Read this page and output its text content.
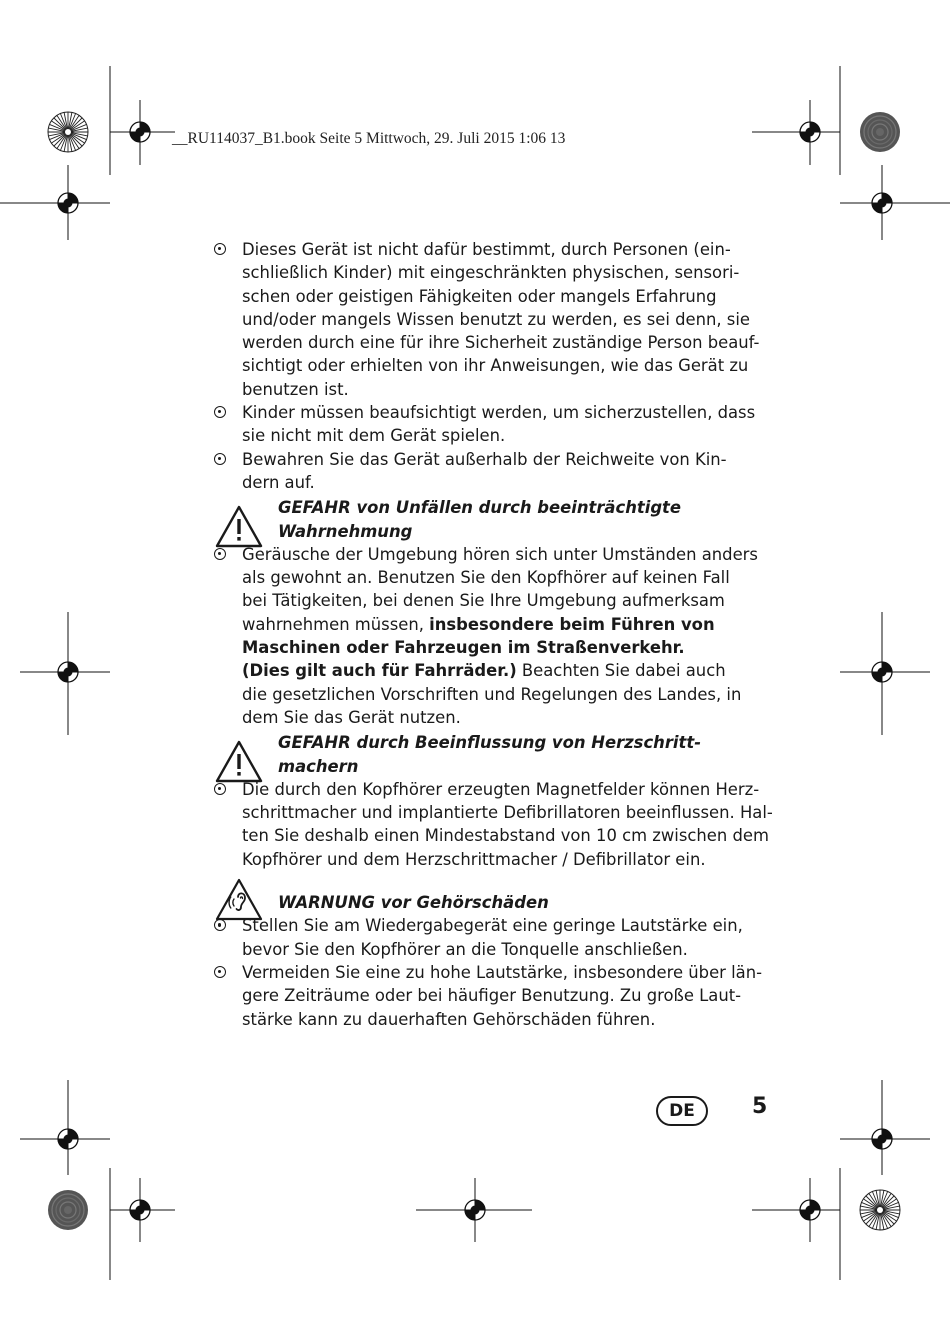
__RU114037_B1.book Seite 5 Mittwoch, 29. Juli 2015 1:06 13
Dieses Gerät ist nicht dafür bestimmt, durch Personen (ein-
schließlich Kinder) mit eingeschränkten physischen, sensori-
schen oder geistigen Fähigkeiten oder mangels Erfahrung
und/oder mangels Wissen benutzt zu werden, es sei denn, sie
werden durch eine für ihre Sicherheit zuständige Person beauf-
sichtigt oder erhielten von ihr Anweisungen, wie das Gerät zu
benutzen ist.
Kinder müssen beaufsichtigt werden, um sicherzustellen, dass
sie nicht mit dem Gerät spielen.
Bewahren Sie das Gerät außerhalb der Reichweite von Kin-
dern auf.
GEFAHR von Unfällen durch beeinträchtigte
Wahrnehmung
Geräusche der Umgebung hören sich unter Umständen anders
als gewohnt an. Benutzen Sie den Kopfhörer auf keinen Fall
bei Tätigkeiten, bei denen Sie Ihre Umgebung aufmerksam
wahrnehmen müssen, insbesondere beim Führen von
Maschinen oder Fahrzeugen im Straßenverkehr.
(Dies gilt auch für Fahrräder.) Beachten Sie dabei auch
die gesetzlichen Vorschriften und Regelungen des Landes, in
dem Sie das Gerät nutzen.
GEFAHR durch Beeinflussung von Herzschritt-
machern
Die durch den Kopfhörer erzeugten Magnetfelder können Herz-
schrittmacher und implantierte Defibrillatoren beeinflussen. Hal-
ten Sie deshalb einen Mindestabstand von 10 cm zwischen dem
Kopfhörer und dem Herzschrittmacher / Defibrillator ein.
WARNUNG vor Gehörschäden
Stellen Sie am Wiedergabegerät eine geringe Lautstärke ein,
bevor Sie den Kopfhörer an die Tonquelle anschließen.
Vermeiden Sie eine zu hohe Lautstärke, insbesondere über län-
gere Zeiträume oder bei häufiger Benutzung. Zu große Laut-
stärke kann zu dauerhaften Gehörschäden führen.
DE	5
